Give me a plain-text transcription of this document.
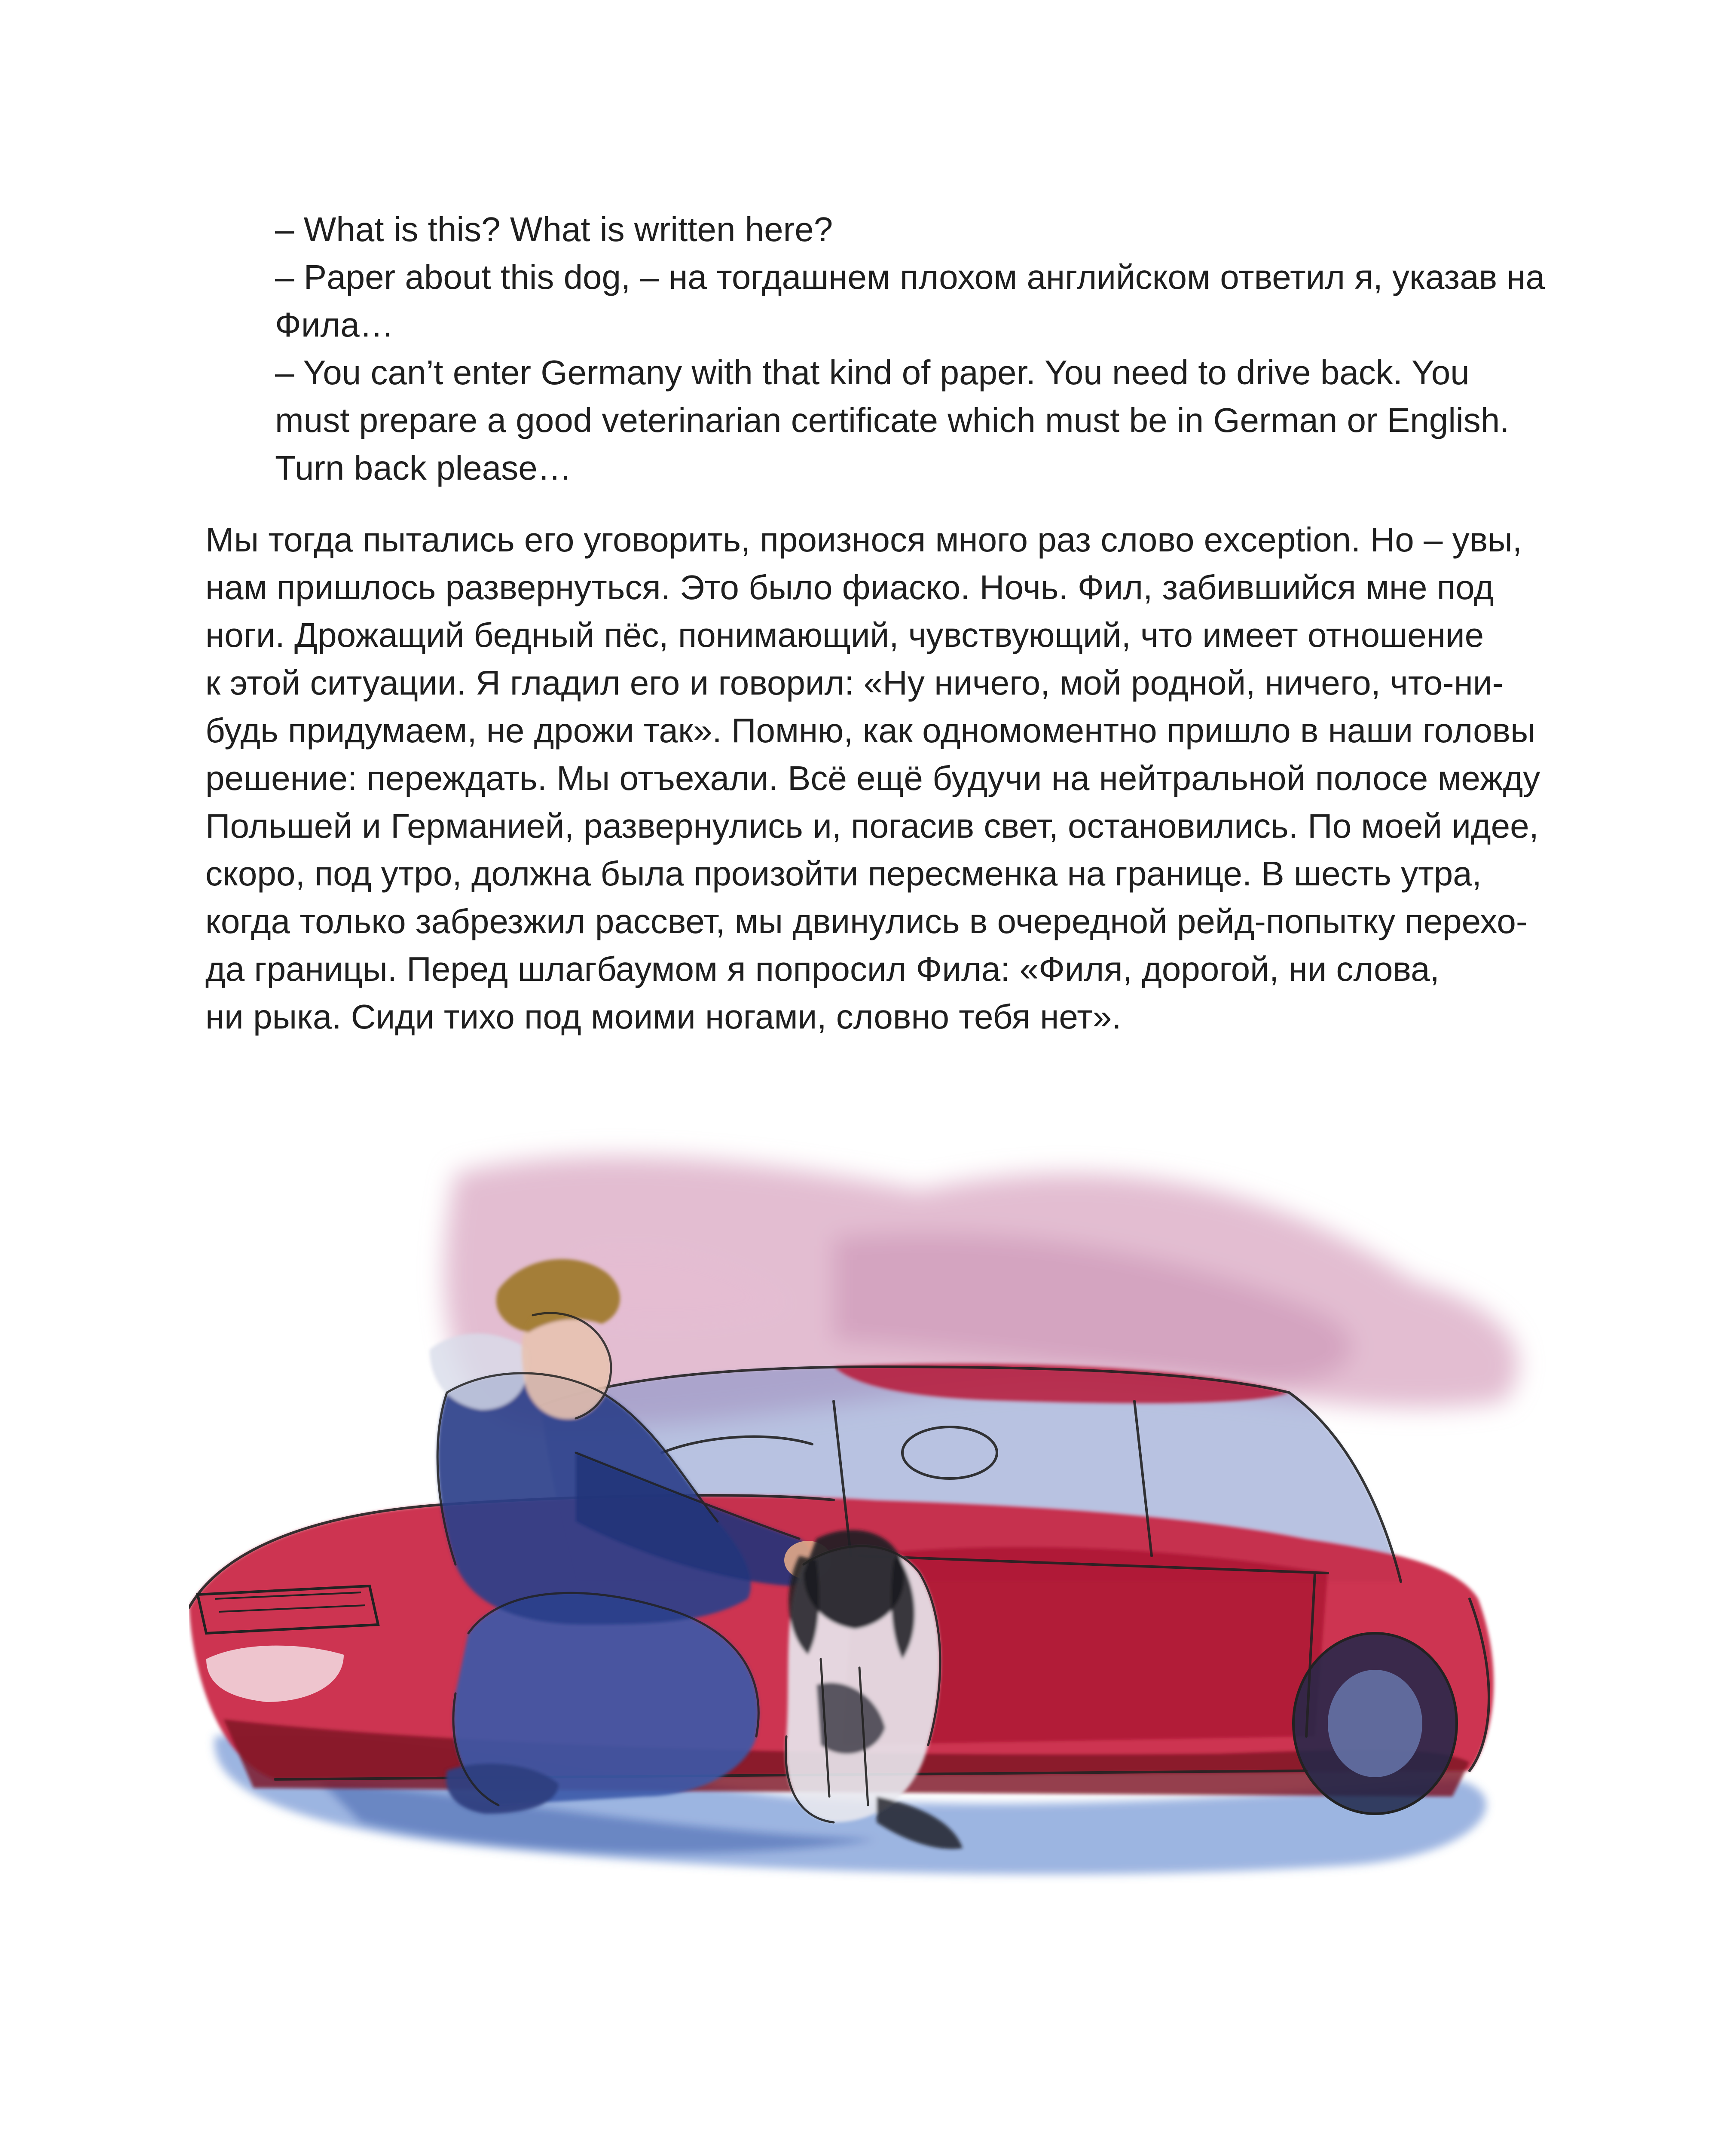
– What is this? What is written here?

– Paper about this dog, – на тогдашнем плохом английском ответил я, указав на

Фила…

– You can’t enter Germany with that kind of paper. You need to drive back. You

must prepare a good veterinarian certificate which must be in German or English.

Turn back please…

Мы тогда пытались его уговорить, произнося много раз слово exception. Но – увы,

нам пришлось развернуться. Это было фиаско. Ночь. Фил, забившийся мне под

ноги. Дрожащий бедный пёс, понимающий, чувствующий, что имеет отношение

к этой ситуации. Я гладил его и говорил: «Ну ничего, мой родной, ничего, что-ни-

будь придумаем, не дрожи так». Помню, как одномоментно пришло в наши головы

решение: переждать. Мы отъехали. Всё ещё будучи на нейтральной полосе между

Польшей и Германией, развернулись и, погасив свет, остановились. По моей идее,

скоро, под утро, должна была произойти пересменка на границе. В шесть утра,

когда только забрезжил рассвет, мы двинулись в очередной рейд-попытку перехо-

да границы. Перед шлагбаумом я попросил Фила: «Филя, дорогой, ни слова,

ни рыка. Сиди тихо под моими ногами, словно тебя нет».
